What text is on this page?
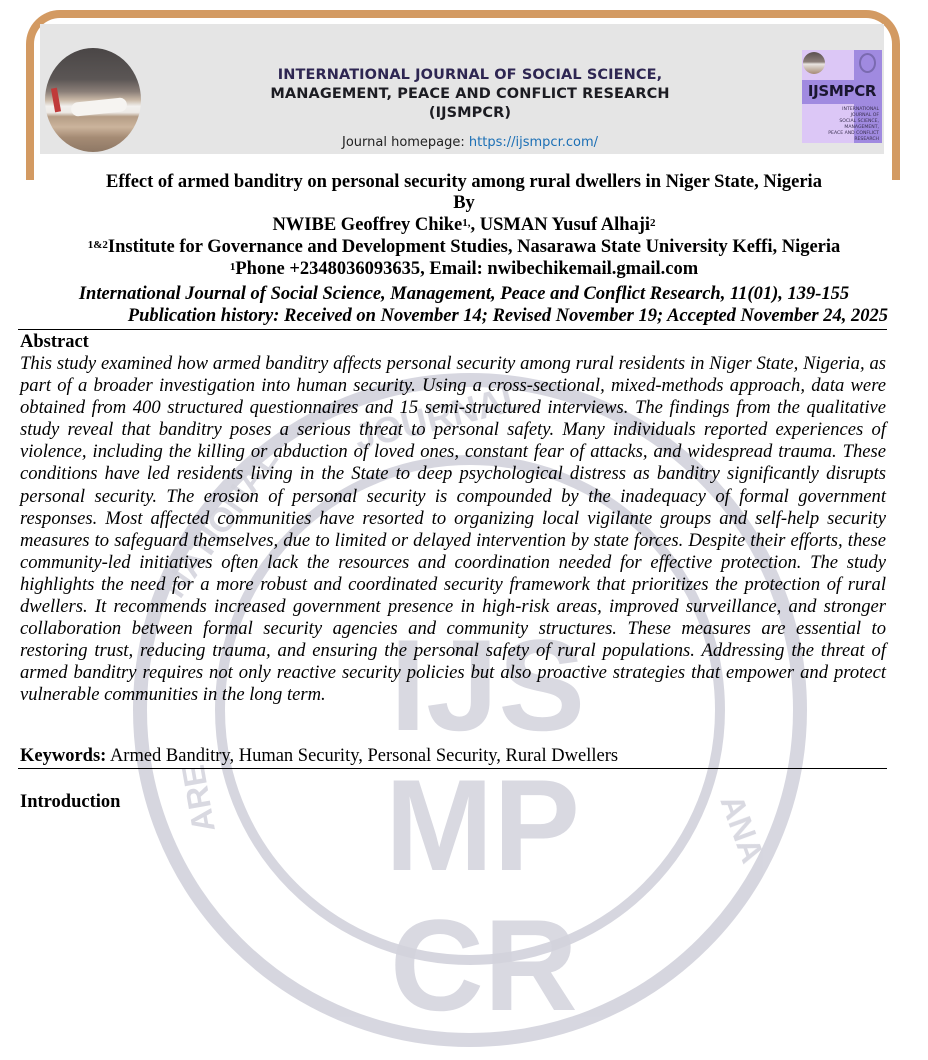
INTERNATIONAL JOURNAL OF SOCIAL SCIENCE,
MANAGEMENT, PEACE AND CONFLICT RESEARCH
(IJSMPCR)
Journal homepage: https://ijsmpcr.com/
IJSMPCR
INTERNATIONAL
JOURNAL OF
SOCIAL SCIENCE,
MANAGEMENT,
PEACE AND CONFLICT
RESEARCH
JOURNAL
NATIONAL
ARE	ANA
IJS
MP
CR
Effect of armed banditry on personal security among rural dwellers in Niger State, Nigeria
By
NWIBE Geoffrey Chike$^{1,}$, USMAN Yusuf Alhaji$^2$
$^{1\&2}$Institute for Governance and Development Studies, Nasarawa State University Keffi, Nigeria
$^1$Phone +2348036093635, Email: nwibechikemail.gmail.com
International Journal of Social Science, Management, Peace and Conflict Research, 11(01), 139-155
Publication history: Received on November 14; Revised November 19; Accepted November 24, 2025
Abstract
This study examined how armed banditry affects personal security among rural residents in Niger State, Nigeria, as part of a broader investigation into human security. Using a cross-sectional, mixed-methods approach, data were obtained from 400 structured questionnaires and 15 semi-structured interviews. The findings from the qualitative study reveal that banditry poses a serious threat to personal safety. Many individuals reported experiences of violence, including the killing or abduction of loved ones, constant fear of attacks, and widespread trauma. These conditions have led residents living in the State to deep psychological distress as banditry significantly disrupts personal security. The erosion of personal security is compounded by the inadequacy of formal government responses. Most affected communities have resorted to organizing local vigilante groups and self-help security measures to safeguard themselves, due to limited or delayed intervention by state forces. Despite their efforts, these community-led initiatives often lack the resources and coordination needed for effective protection. The study highlights the need for a more robust and coordinated security framework that prioritizes the protection of rural dwellers. It recommends increased government presence in high-risk areas, improved surveillance, and stronger collaboration between formal security agencies and community structures. These measures are essential to restoring trust, reducing trauma, and ensuring the personal safety of rural populations. Addressing the threat of armed banditry requires not only reactive security policies but also proactive strategies that empower and protect vulnerable communities in the long term.
Keywords: Armed Banditry, Human Security, Personal Security, Rural Dwellers
Introduction
